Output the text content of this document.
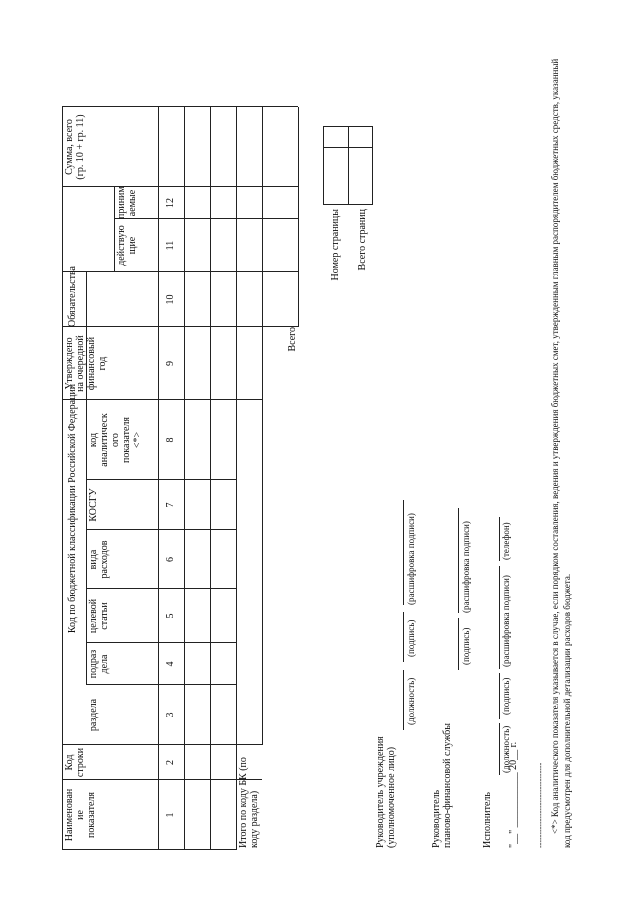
Наименован
ие
показателя
Код
строки
Код по бюджетной классификации Российской Федерации
раздела
подраз
дела
целевой
статьи
вида
расходов
КОСГУ
код
аналитическ
ого
показателя
<*>
Утверждено
на очередной
финансовый
год
Обязательства
действую
щие
приним
аемые
Сумма, всего
(гр. 10 + гр. 11)
1
2
3
4
5
6
7
8
9
10
11
12
Итого по коду БК (по
коду раздела)
Всего
Номер страницы Всего страниц
Руководитель учреждения
(уполномоченное лицо)
(должность)
(подпись)
(расшифровка подписи)
Руководитель
планово-финансовой службы
(подпись)
(расшифровка подписи)
Исполнитель
(должность)
(подпись)
(расшифровка подписи)
(телефон)
"__" ___________ 20__ г. -------------------------------- <*> Код аналитического показателя указывается в случае, если порядком составления, ведения и утверждения бюджетных смет, утвержденным главным распорядителем бюджетных средств, указанный код предусмотрен для дополнительной детализации расходов бюджета.
